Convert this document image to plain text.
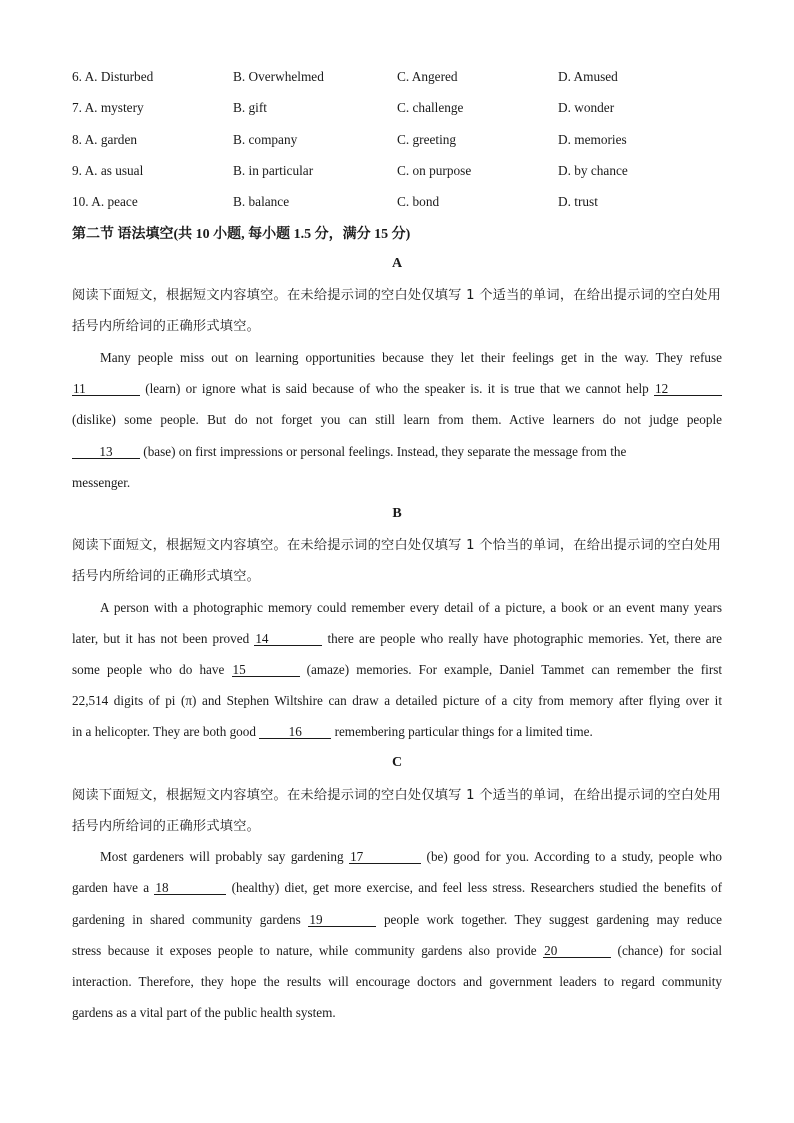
6. A. Disturbed	B. Overwhelmed	C. Angered	D. Amused
7. A. mystery	B. gift	C. challenge	D. wonder
8. A. garden	B. company	C. greeting	D. memories
9. A. as usual	B. in particular	C. on purpose	D. by chance
10. A. peace	B. balance	C. bond	D. trust
第二节 语法填空(共 10 小题, 每小题 1.5 分，满分 15 分)
A
阅读下面短文，根据短文内容填空。在未给提示词的空白处仅填写 1 个适当的单词，在给出提示词的空白处用括号内所给词的正确形式填空。
Many people miss out on learning opportunities because they let their feelings get in the way. They refuse
11	(learn) or ignore what is said because of who the speaker is. it is true that we cannot help 12
(dislike) some people. But do not forget you can still learn from them. Active learners do not judge people
13 (base) on first impressions or personal feelings. Instead, they separate the message from the
messenger.
B
阅读下面短文，根据短文内容填空。在未给提示词的空白处仅填写 1 个恰当的单词，在给出提示词的空白处用括号内所给词的正确形式填空。
A person with a photographic memory could remember every detail of a picture, a book or an event many years
later, but it has not been proved 14	there are people who really have photographic memories. Yet, there are
some people who do have 15	(amaze) memories. For example, Daniel Tammet can remember the first
22,514 digits of pi (π) and Stephen Wiltshire can draw a detailed picture of a city from memory after flying over it
in a helicopter. They are both good 16 remembering particular things for a limited time.
C
阅读下面短文，根据短文内容填空。在未给提示词的空白处仅填写 1 个适当的单词，在给出提示词的空白处用括号内所给词的正确形式填空。
Most gardeners will probably say gardening 17	(be) good for you. According to a study, people who
garden have a 18	(healthy) diet, get more exercise, and feel less stress. Researchers studied the benefits of
gardening in shared community gardens 19	people work together. They suggest gardening may reduce
stress because it exposes people to nature, while community gardens also provide 20	(chance) for social
interaction. Therefore, they hope the results will encourage doctors and government leaders to regard community
gardens as a vital part of the public health system.
